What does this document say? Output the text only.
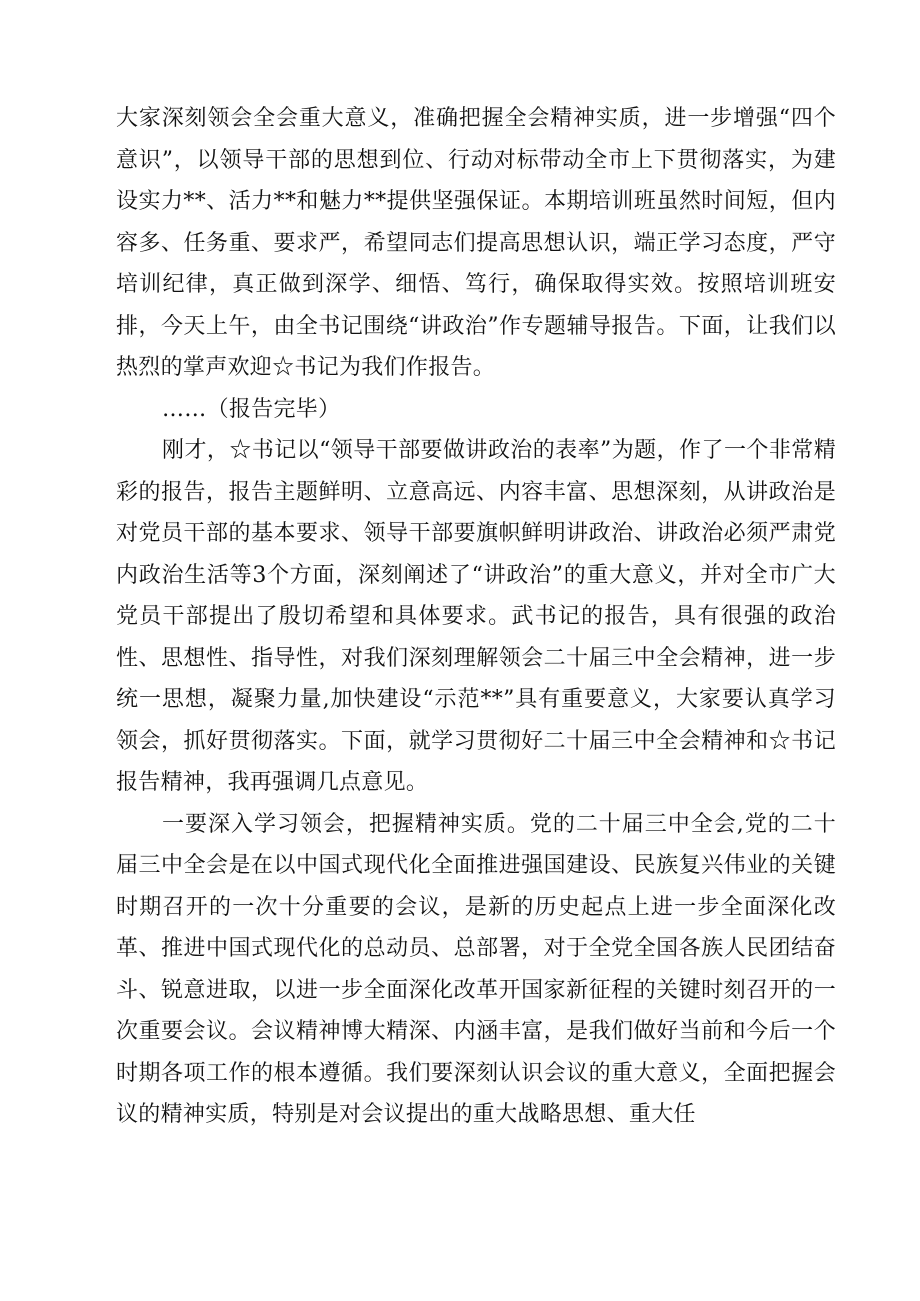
大家深刻领会全会重大意义，准确把握全会精神实质，进一步增强“四个意识”，以领导干部的思想到位、行动对标带动全市上下贯彻落实，为建设实力**、活力**和魅力**提供坚强保证。本期培训班虽然时间短，但内容多、任务重、要求严，希望同志们提高思想认识，端正学习态度，严守培训纪律，真正做到深学、细悟、笃行，确保取得实效。按照培训班安排，今天上午，由全书记围绕“讲政治”作专题辅导报告。下面，让我们以热烈的掌声欢迎☆书记为我们作报告。

……（报告完毕）

刚才，☆书记以“领导干部要做讲政治的表率”为题，作了一个非常精彩的报告，报告主题鲜明、立意高远、内容丰富、思想深刻，从讲政治是对党员干部的基本要求、领导干部要旗帜鲜明讲政治、讲政治必须严肃党内政治生活等3个方面，深刻阐述了“讲政治”的重大意义，并对全市广大党员干部提出了殷切希望和具体要求。武书记的报告，具有很强的政治性、思想性、指导性，对我们深刻理解领会二十届三中全会精神，进一步统一思想，凝聚力量,加快建设“示范**”具有重要意义，大家要认真学习领会，抓好贯彻落实。下面，就学习贯彻好二十届三中全会精神和☆书记报告精神，我再强调几点意见。

一要深入学习领会，把握精神实质。党的二十届三中全会,党的二十届三中全会是在以中国式现代化全面推进强国建设、民族复兴伟业的关键时期召开的一次十分重要的会议，是新的历史起点上进一步全面深化改革、推进中国式现代化的总动员、总部署，对于全党全国各族人民团结奋斗、锐意进取，以进一步全面深化改革开国家新征程的关键时刻召开的一次重要会议。会议精神博大精深、内涵丰富，是我们做好当前和今后一个时期各项工作的根本遵循。我们要深刻认识会议的重大意义，全面把握会议的精神实质，特别是对会议提出的重大战略思想、重大任
